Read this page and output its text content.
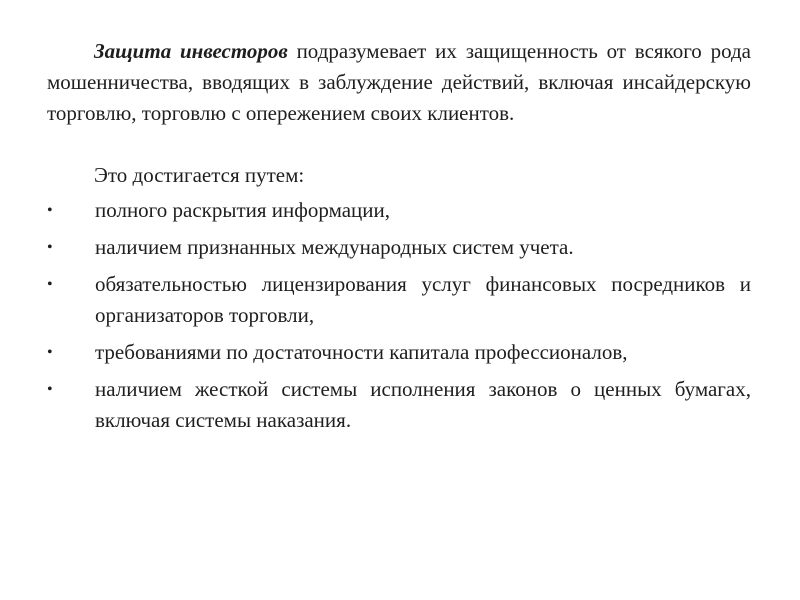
Защита инвесторов подразумевает их защищенность от всякого рода мошенничества, вводящих в заблуждение действий, включая инсайдерскую торговлю, торговлю с опережением своих клиентов.

Это достигается путем:

•	полного раскрытия информации,
•	наличием признанных международных систем учета.
•	обязательностью лицензирования услуг финансовых посредников и организаторов торговли,
•	требованиями по достаточности капитала профессионалов,
•	наличием жесткой системы исполнения законов о ценных бумагах, включая системы наказания.
